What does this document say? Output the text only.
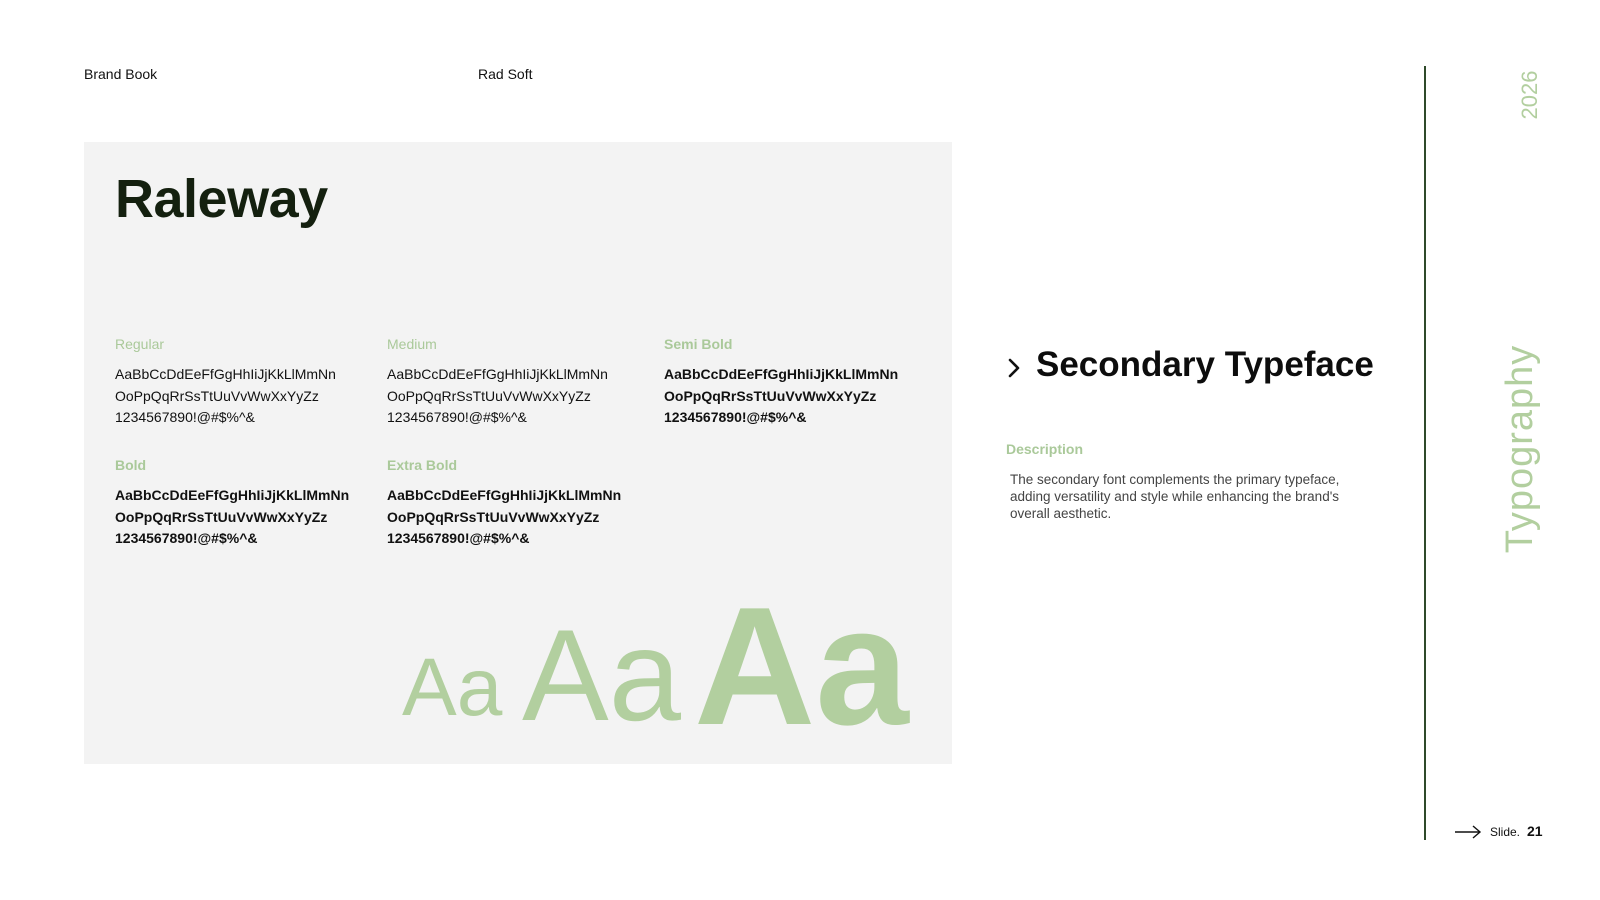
Brand Book	Rad Soft
Raleway
Regular
AaBbCcDdEeFfGgHhIiJjKkLlMmNn
OoPpQqRrSsTtUuVvWwXxYyZz
1234567890!@#$%^&
Medium
AaBbCcDdEeFfGgHhIiJjKkLlMmNn
OoPpQqRrSsTtUuVvWwXxYyZz
1234567890!@#$%^&
Semi Bold
AaBbCcDdEeFfGgHhIiJjKkLlMmNn
OoPpQqRrSsTtUuVvWwXxYyZz
1234567890!@#$%^&
Bold
AaBbCcDdEeFfGgHhIiJjKkLlMmNn
OoPpQqRrSsTtUuVvWwXxYyZz
1234567890!@#$%^&
Extra Bold
AaBbCcDdEeFfGgHhIiJjKkLlMmNn
OoPpQqRrSsTtUuVvWwXxYyZz
1234567890!@#$%^&
Aa Aa Aa
Secondary Typeface
Description
The secondary font complements the primary typeface, adding versatility and style while enhancing the brand's overall aesthetic.
2026
Typography
Slide. 21
